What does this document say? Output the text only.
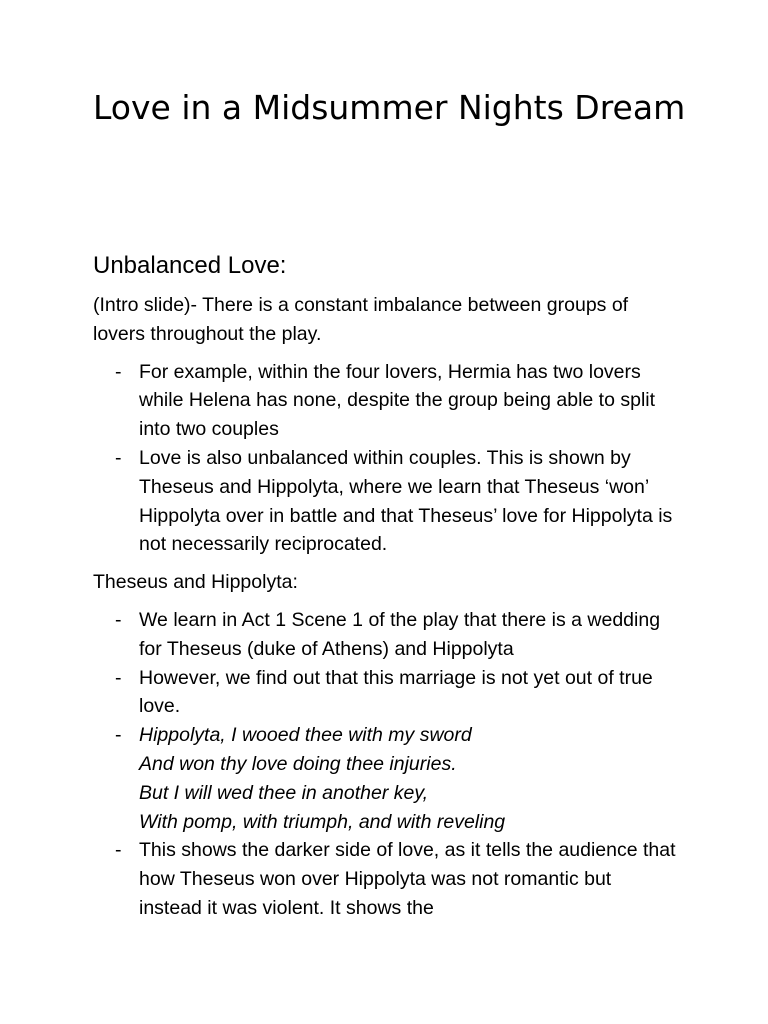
Love in a Midsummer Nights Dream
Unbalanced Love:

(Intro slide)- There is a constant imbalance between groups of lovers throughout the play.

- For example, within the four lovers, Hermia has two lovers while Helena has none, despite the group being able to split into two couples
- Love is also unbalanced within couples. This is shown by Theseus and Hippolyta, where we learn that Theseus ‘won’ Hippolyta over in battle and that Theseus’ love for Hippolyta is not necessarily reciprocated.

Theseus and Hippolyta:

- We learn in Act 1 Scene 1 of the play that there is a wedding for Theseus (duke of Athens) and Hippolyta
- However, we find out that this marriage is not yet out of true love.
- Hippolyta, I wooed thee with my sword
And won thy love doing thee injuries.
But I will wed thee in another key,
With pomp, with triumph, and with reveling
- This shows the darker side of love, as it tells the audience that how Theseus won over Hippolyta was not romantic but instead it was violent. It shows the
